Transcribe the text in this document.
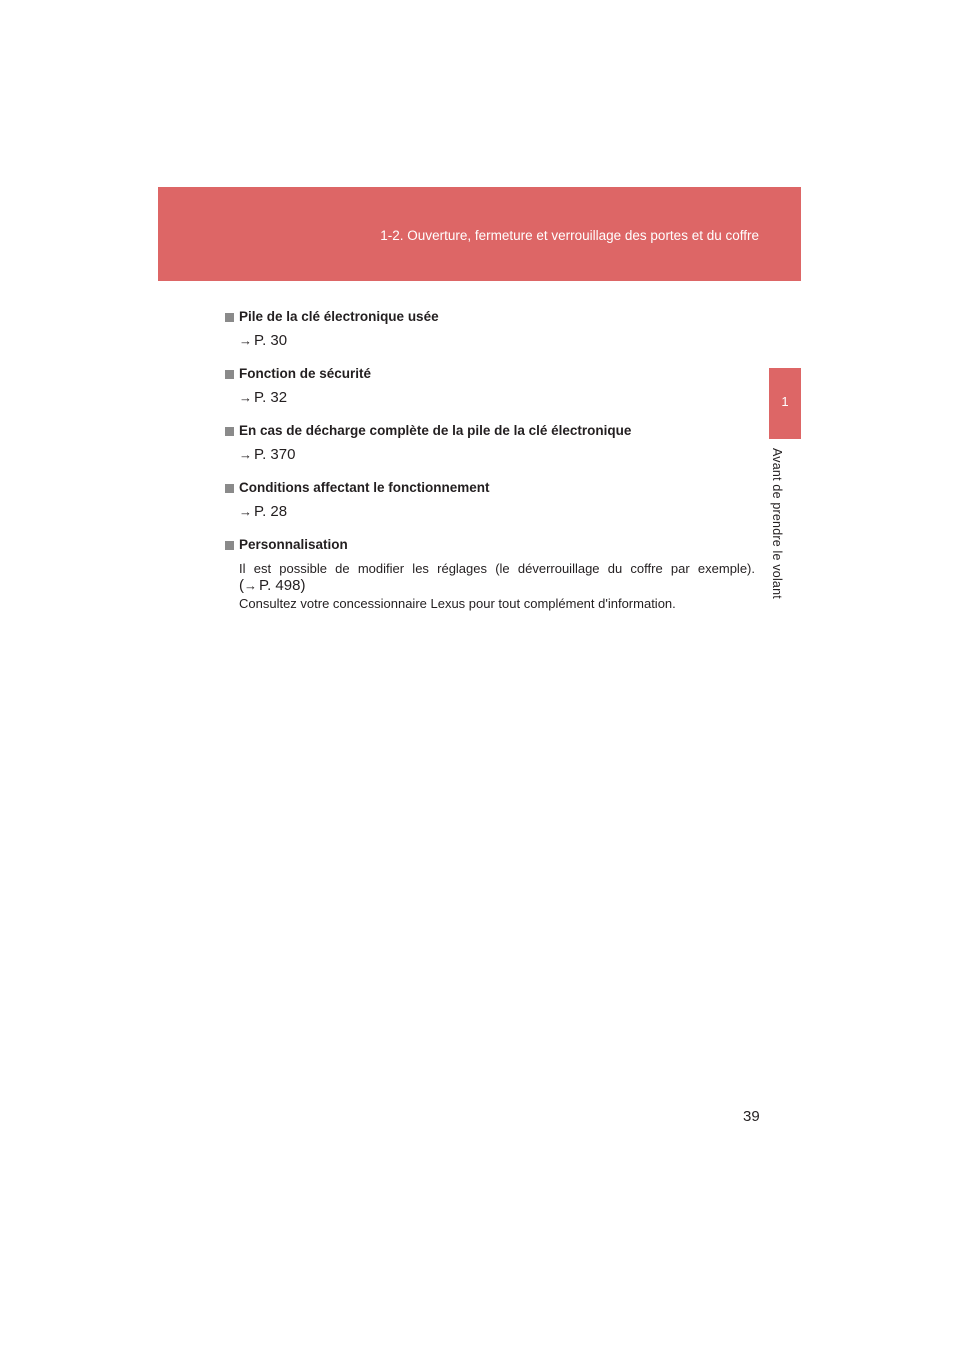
1-2. Ouverture, fermeture et verrouillage des portes et du coffre
1
Avant de prendre le volant
Pile de la clé électronique usée
→ P. 30
Fonction de sécurité
→ P. 32
En cas de décharge complète de la pile de la clé électronique
→ P. 370
Conditions affectant le fonctionnement
→ P. 28
Personnalisation
Il est possible de modifier les réglages (le déverrouillage du coffre par exemple).
(→ P. 498)
Consultez votre concessionnaire Lexus pour tout complément d'information.
39
